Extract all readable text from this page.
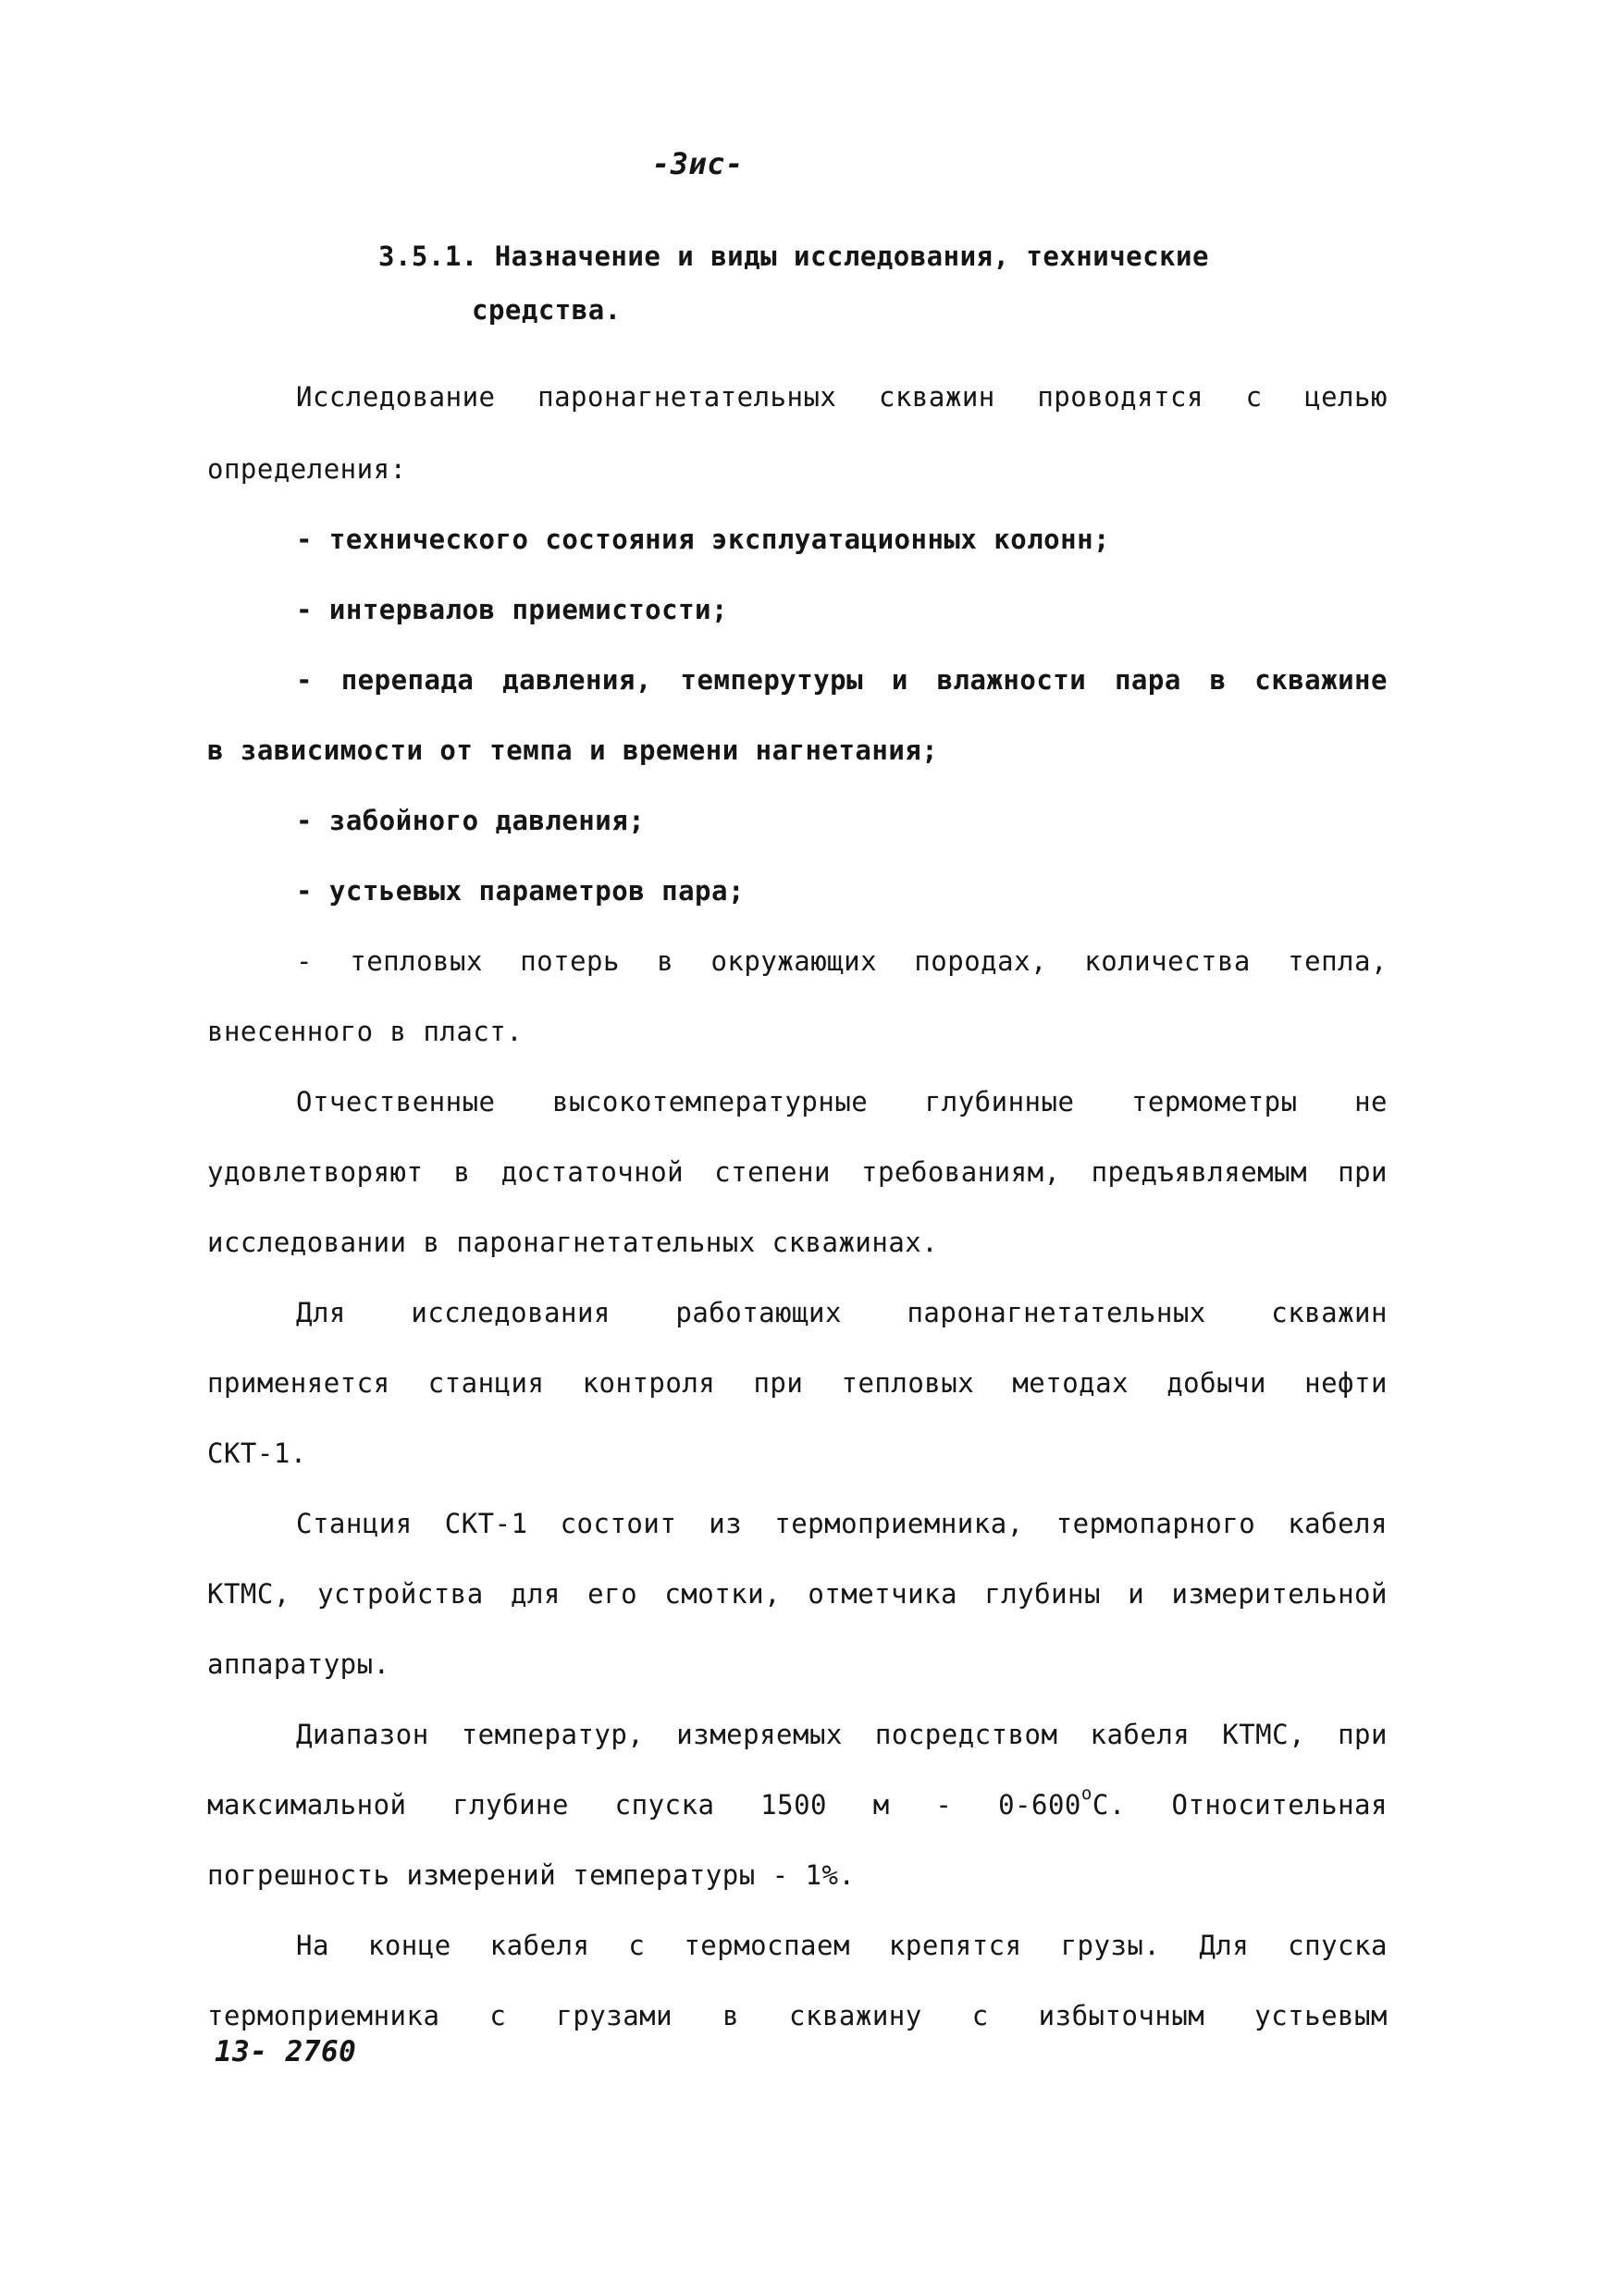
-3ис-
3.5.1. Назначение и виды исследования, технические
средства.
Исследование паронагнетательных скважин проводятся с целью
определения:
- технического состояния эксплуатационных колонн;
- интервалов приемистости;
- перепада давления, темперутуры и влажности пара в скважине
в зависимости от темпа и времени нагнетания;
- забойного давления;
- устьевых параметров пара;
- тепловых потерь в окружающих породах, количества тепла,
внесенного в пласт.
Отчественные высокотемпературные глубинные термометры не
удовлетворяют в достаточной степени требованиям, предъявляемым при
исследовании в паронагнетательных скважинах.
Для исследования работающих паронагнетательных скважин
применяется станция контроля при тепловых методах добычи нефти
СКТ-1.
Станция СКТ-1 состоит из термоприемника, термопарного кабеля
КТМС, устройства для его смотки, отметчика глубины и измерительной
аппаратуры.
Диапазон температур, измеряемых посредством кабеля КТМС, при
максимальной глубине спуска 1500 м - $0-600^оC$. Относительная
погрешность измерений температуры - 1%.
На конце кабеля с термоспаем крепятся грузы. Для спуска
термоприемника с грузами в скважину с избыточным устьевым
13- 2760
